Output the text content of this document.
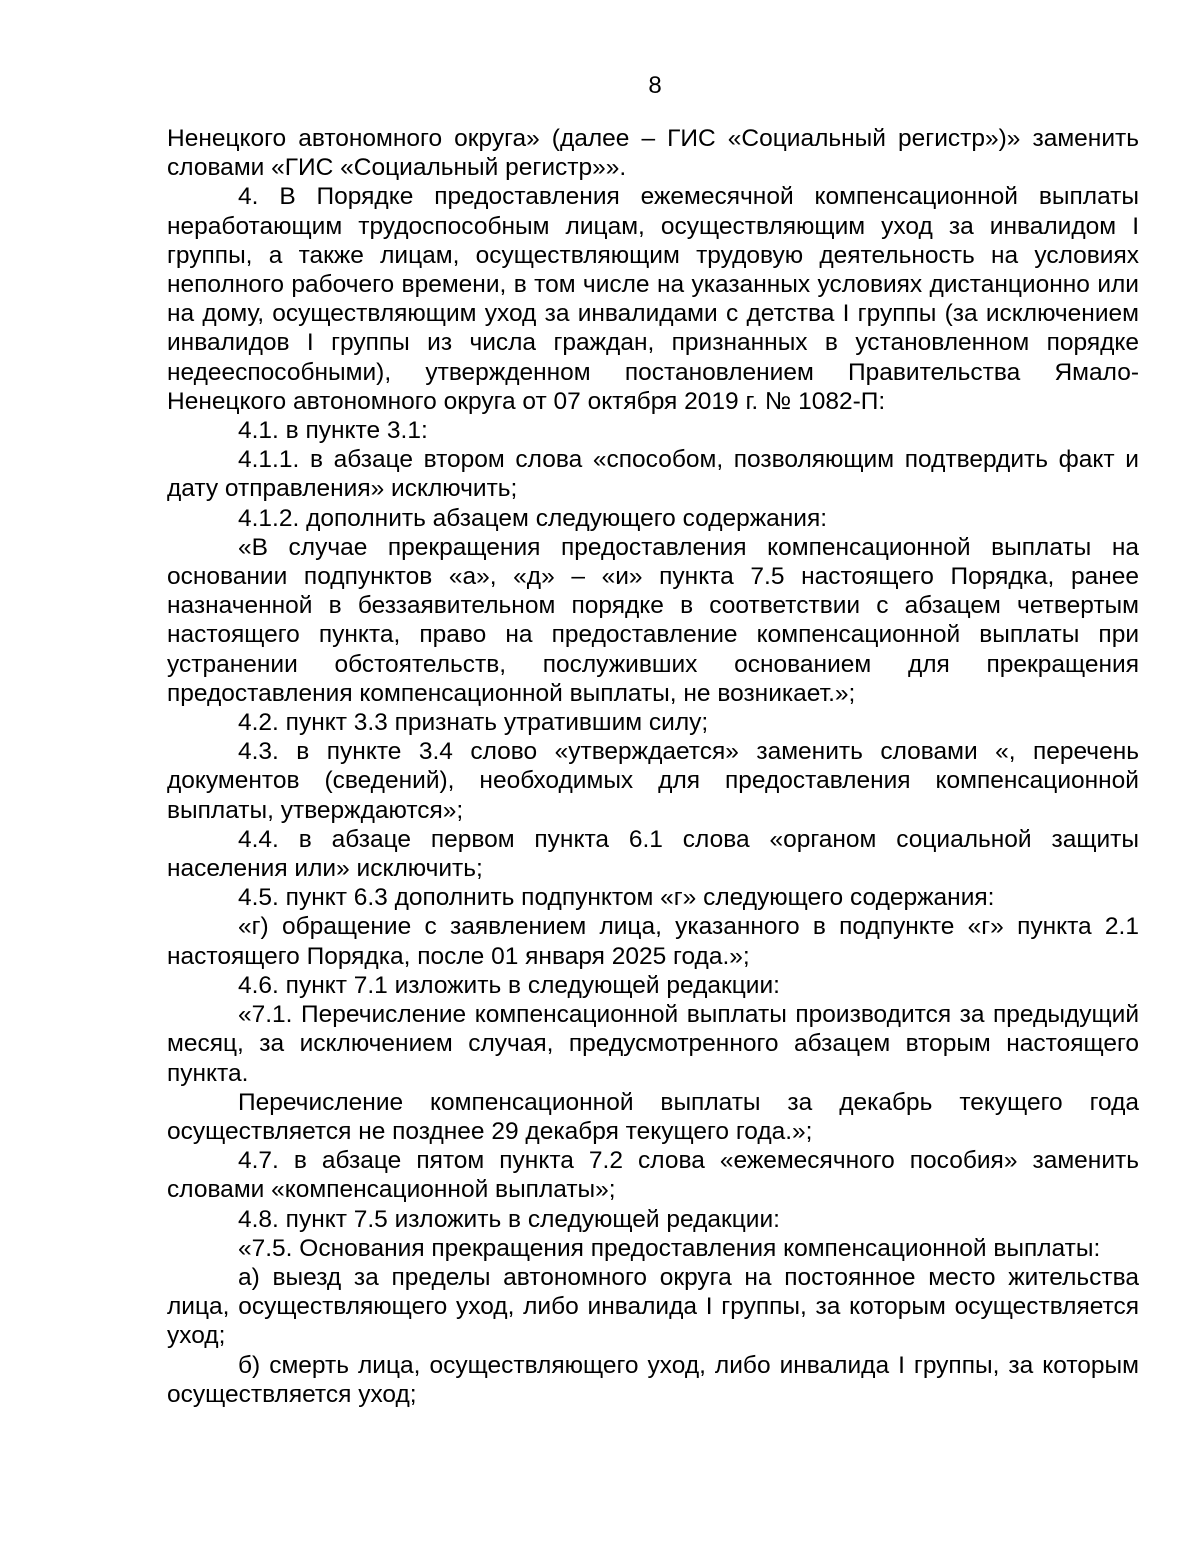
8

Ненецкого автономного округа» (далее – ГИС «Социальный регистр»)» заменить словами «ГИС «Социальный регистр»».

4. В Порядке предоставления ежемесячной компенсационной выплаты неработающим трудоспособным лицам, осуществляющим уход за инвалидом I группы, а также лицам, осуществляющим трудовую деятельность на условиях неполного рабочего времени, в том числе на указанных условиях дистанционно или на дому, осуществляющим уход за инвалидами с детства I группы (за исключением инвалидов I группы из числа граждан, признанных в установленном порядке недееспособными), утвержденном постановлением Правительства Ямало-Ненецкого автономного округа от 07 октября 2019 г. № 1082-П:

4.1. в пункте 3.1:

4.1.1. в абзаце втором слова «способом, позволяющим подтвердить факт и дату отправления» исключить;

4.1.2. дополнить абзацем следующего содержания:

«В случае прекращения предоставления компенсационной выплаты на основании подпунктов «а», «д» – «и» пункта 7.5 настоящего Порядка, ранее назначенной в беззаявительном порядке в соответствии с абзацем четвертым настоящего пункта, право на предоставление компенсационной выплаты при устранении обстоятельств, послуживших основанием для прекращения предоставления компенсационной выплаты, не возникает.»;

4.2. пункт 3.3 признать утратившим силу;

4.3. в пункте 3.4 слово «утверждается» заменить словами «, перечень документов (сведений), необходимых для предоставления компенсационной выплаты, утверждаются»;

4.4. в абзаце первом пункта 6.1 слова «органом социальной защиты населения или» исключить;

4.5. пункт 6.3 дополнить подпунктом «г» следующего содержания:

«г) обращение с заявлением лица, указанного в подпункте «г» пункта 2.1 настоящего Порядка, после 01 января 2025 года.»;

4.6. пункт 7.1 изложить в следующей редакции:

«7.1. Перечисление компенсационной выплаты производится за предыдущий месяц, за исключением случая, предусмотренного абзацем вторым настоящего пункта.

Перечисление компенсационной выплаты за декабрь текущего года осуществляется не позднее 29 декабря текущего года.»;

4.7. в абзаце пятом пункта 7.2 слова «ежемесячного пособия» заменить словами «компенсационной выплаты»;

4.8. пункт 7.5 изложить в следующей редакции:

«7.5. Основания прекращения предоставления компенсационной выплаты:

а) выезд за пределы автономного округа на постоянное место жительства лица, осуществляющего уход, либо инвалида I группы, за которым осуществляется уход;

б) смерть лица, осуществляющего уход, либо инвалида I группы, за которым осуществляется уход;
